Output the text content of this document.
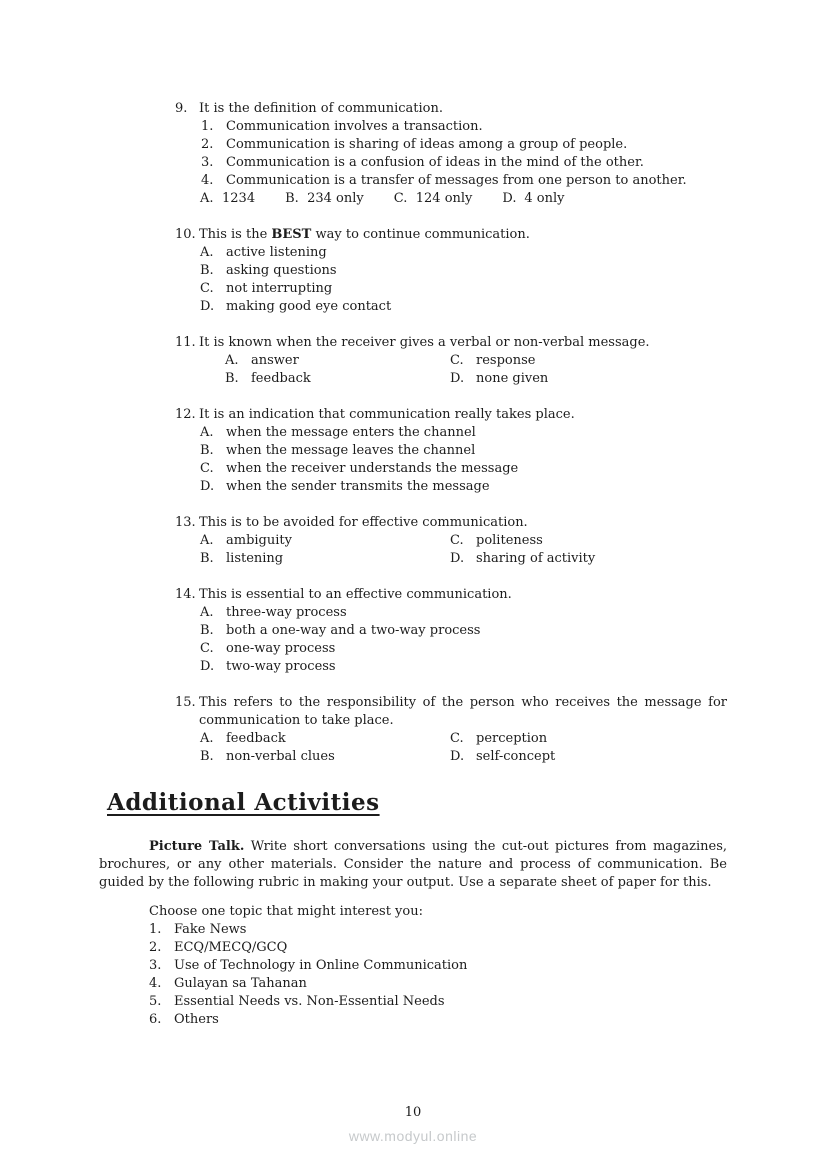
9. It is the definition of communication.
1. Communication involves a transaction.
2. Communication is sharing of ideas among a group of people.
3. Communication is a confusion of ideas in the mind of the other.
4. Communication is a transfer of messages from one person to another.
A. 1234 B. 234 only C. 124 only D. 4 only
10. This is the BEST way to continue communication.
A. active listening
B. asking questions
C. not interrupting
D. making good eye contact
11. It is known when the receiver gives a verbal or non-verbal message.
A. answer	C. response
B. feedback	D. none given
12. It is an indication that communication really takes place.
A. when the message enters the channel
B. when the message leaves the channel
C. when the receiver understands the message
D. when the sender transmits the message
13. This is to be avoided for effective communication.
A. ambiguity	C. politeness
B. listening	D. sharing of activity
14. This is essential to an effective communication.
A. three-way process
B. both a one-way and a two-way process
C. one-way process
D. two-way process
15. This refers to the responsibility of the person who receives the message for communication to take place.
A. feedback	C. perception
B. non-verbal clues	D. self-concept
Additional Activities

Picture Talk. Write short conversations using the cut-out pictures from magazines, brochures, or any other materials. Consider the nature and process of communication. Be guided by the following rubric in making your output. Use a separate sheet of paper for this.

Choose one topic that might interest you:
1. Fake News
2. ECQ/MECQ/GCQ
3. Use of Technology in Online Communication
4. Gulayan sa Tahanan
5. Essential Needs vs. Non-Essential Needs
6. Others
10
www.modyul.online
